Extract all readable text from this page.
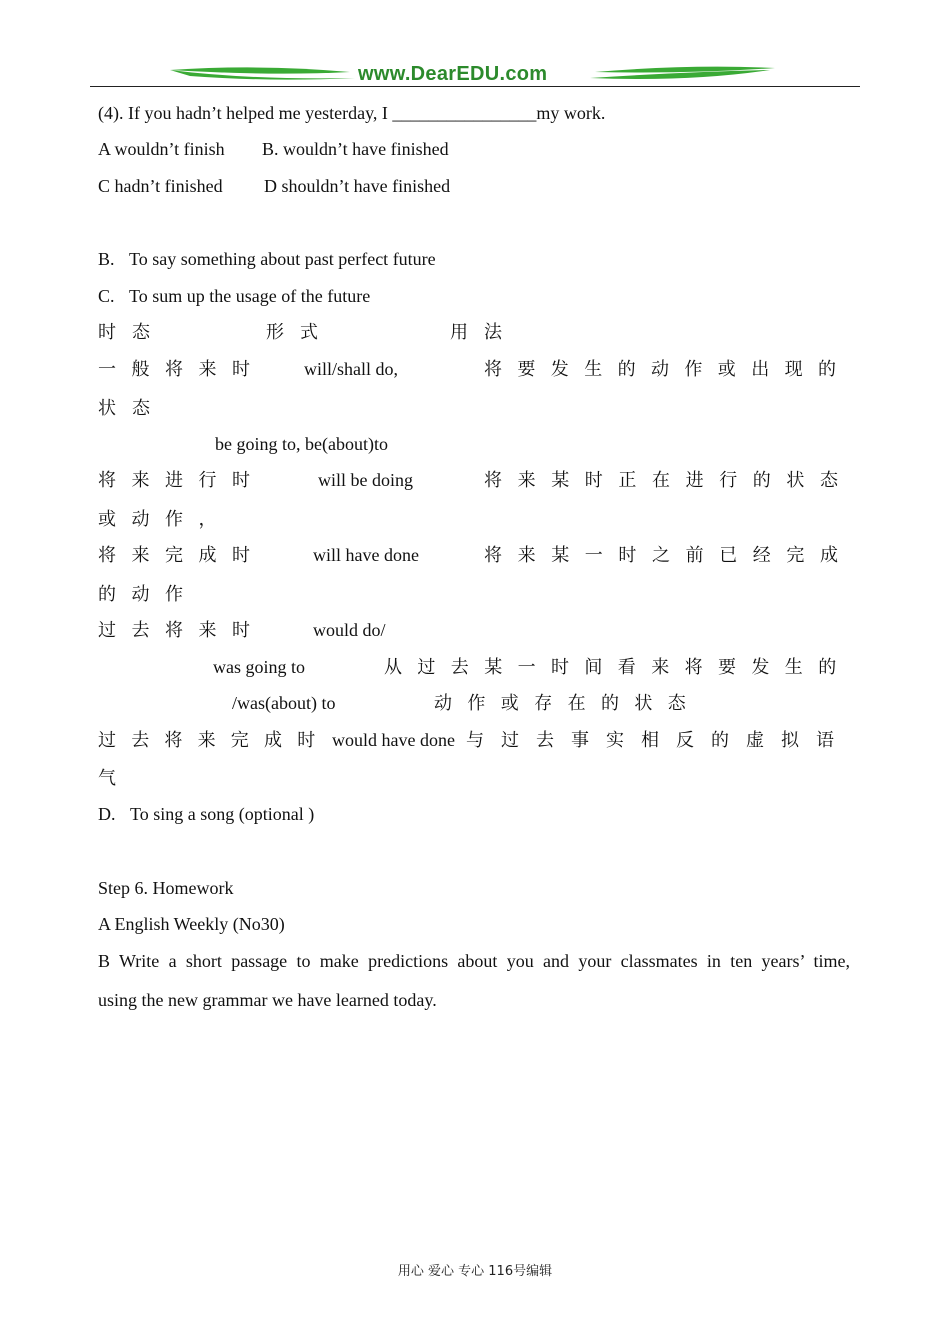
www.DearEDU.com
(4). If you hadn’t helped me yesterday, I ________________my work.
A wouldn’t finish B. wouldn’t have finished
C hadn’t finished D shouldn’t have finished
B. To say something about past perfect future
C. To sum up the usage of the future
时态	形式	用法
一般将来时 will/shall do,	将要发生的动作或出现的
状态
be going to, be(about)to
将来进行时	will be doing	将来某时正在进行的状态
或动作，
将来完成时	will have done	将来某一时之前已经完成
的动作
过去将来时	would do/
was going to	从过去某一时间看来将要发生的
/was(about) to	动作或存在的状态
过去将来完成时 would have done 与过去事实相反的虚拟语
气
D. To sing a song (optional )
Step 6. Homework
A English Weekly (No30)
B Write a short passage to make predictions about you and your classmates in ten years’ time,
using the new grammar we have learned today.
用心 爱心 专心 116号编辑
